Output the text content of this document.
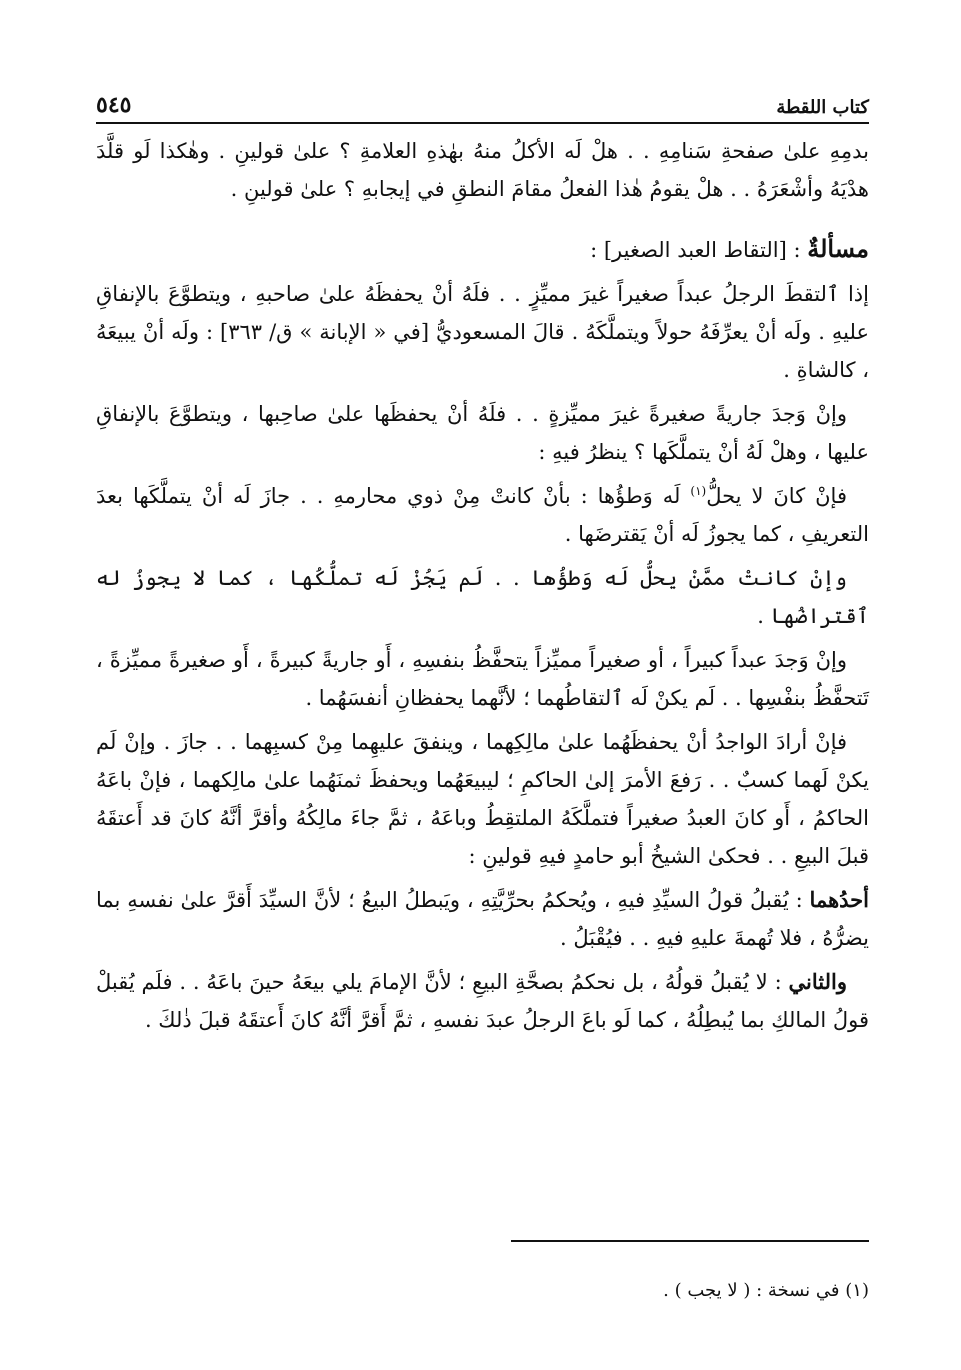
كتاب اللقطة
٥٤٥

بدمِهِ علىٰ صفحةِ سَنامِهِ . . هلْ لَه الأكلُ منهُ بهٰذهِ العلامةِ ؟ علىٰ قولينِ . وهٰكذا لَو قلَّدَ هدْيَهُ وأشْعَرَهُ . . هلْ يقومُ هٰذا الفعلُ مقامَ النطقِ في إيجابهِ ؟ علىٰ قولينِ .

مسألةٌ : [التقاط العبد الصغير] :

إذا ٱلتقطَ الرجلُ عبداً صغيراً غيرَ مميِّزٍ . . فلَهُ أنْ يحفظَهُ علىٰ صاحبهِ ، ويتطوَّعَ بالإنفاقِ عليهِ . ولَه أنْ يعرِّفَهُ حولاً ويتملَّكَهُ . قالَ المسعوديُّ [في « الإبانة » ق/ ٣٦٣] : ولَه أنْ يبيعَهُ ، كالشاةِ .

وإنْ وَجدَ جاريةً صغيرةً غيرَ مميِّزةٍ . . فلَهُ أنْ يحفظَها علىٰ صاحِبها ، ويتطوَّعَ بالإنفاقِ عليها ، وهلْ لَهُ أنْ يتملَّكَها ؟ ينظرُ فيهِ :

فإنْ كانَ لا يحلُّ$^{(١)}$ لَه وَطؤُها : بأنْ كانتْ مِنْ ذوي محارمهِ . . جازَ لَه أنْ يتملَّكَها بعدَ التعريفِ ، كما يجوزُ لَه أنْ يَقترضَها .

وإنْ كانتْ ممَّنْ يحلُّ لَه وَطؤُها . . لَم يَجُزْ لَه تملُّكُها ، كما لا يجوزُ له ٱقتراضُها .

وإنْ وَجدَ عبداً كبيراً ، أو صغيراً مميِّزاً يتحفَّظُ بنفسِهِ ، أَو جاريةً كبيرةً ، أَو صغيرةً مميِّزةً ، تَتحفَّظُ بنفْسِها . . لَم يكنْ لَه ٱلتقاطُهما ؛ لأنَّهما يحفظانِ أنفسَهُما .

فإنْ أرادَ الواجدُ أنْ يحفظَهُما علىٰ مالِكِهما ، وينفقَ عليهِما مِنْ كسبِهما . . جازَ . وإنْ لَم يكنْ لَهما كسبٌ . . رَفعَ الأمرَ إلىٰ الحاكمِ ؛ ليبيعَهُما ويحفظَ ثمنَهُما علىٰ مالِكهما ، فإنْ باعَهُ الحاكمُ ، أَو كانَ العبدُ صغيراً فتملَّكَهُ الملتقِطُ وباعَهُ ، ثمَّ جاءَ مالِكُهُ وأقرَّ أنَّهُ كانَ قد أَعتقَهُ قبلَ البيعِ . . فحكىٰ الشيخُ أبو حامدٍ فيهِ قولينِ :

أحدُهما : يُقبلُ قولُ السيِّدِ فيهِ ، ويُحكمُ بحرِّيَّتِهِ ، ويَبطلُ البيعُ ؛ لأنَّ السيِّدَ أَقرَّ علىٰ نفسهِ بما يضرُّهُ ، فلا تُهمةَ عليهِ فيهِ . . فيُقْبَلُ .

والثاني : لا يُقبلُ قولُهُ ، بل نحكمُ بصحَّةِ البيعِ ؛ لأنَّ الإمامَ يلي بيعَهُ حينَ باعَهُ . . فلَم يُقبلْ قولُ المالكِ بما يُبطِلُهُ ، كما لَو باعَ الرجلُ عبدَ نفسهِ ، ثمَّ أَقرَّ أنَّهُ كانَ أَعتقَهُ قبلَ ذٰلكَ .

(١) في نسخة : ( لا يجب ) .
